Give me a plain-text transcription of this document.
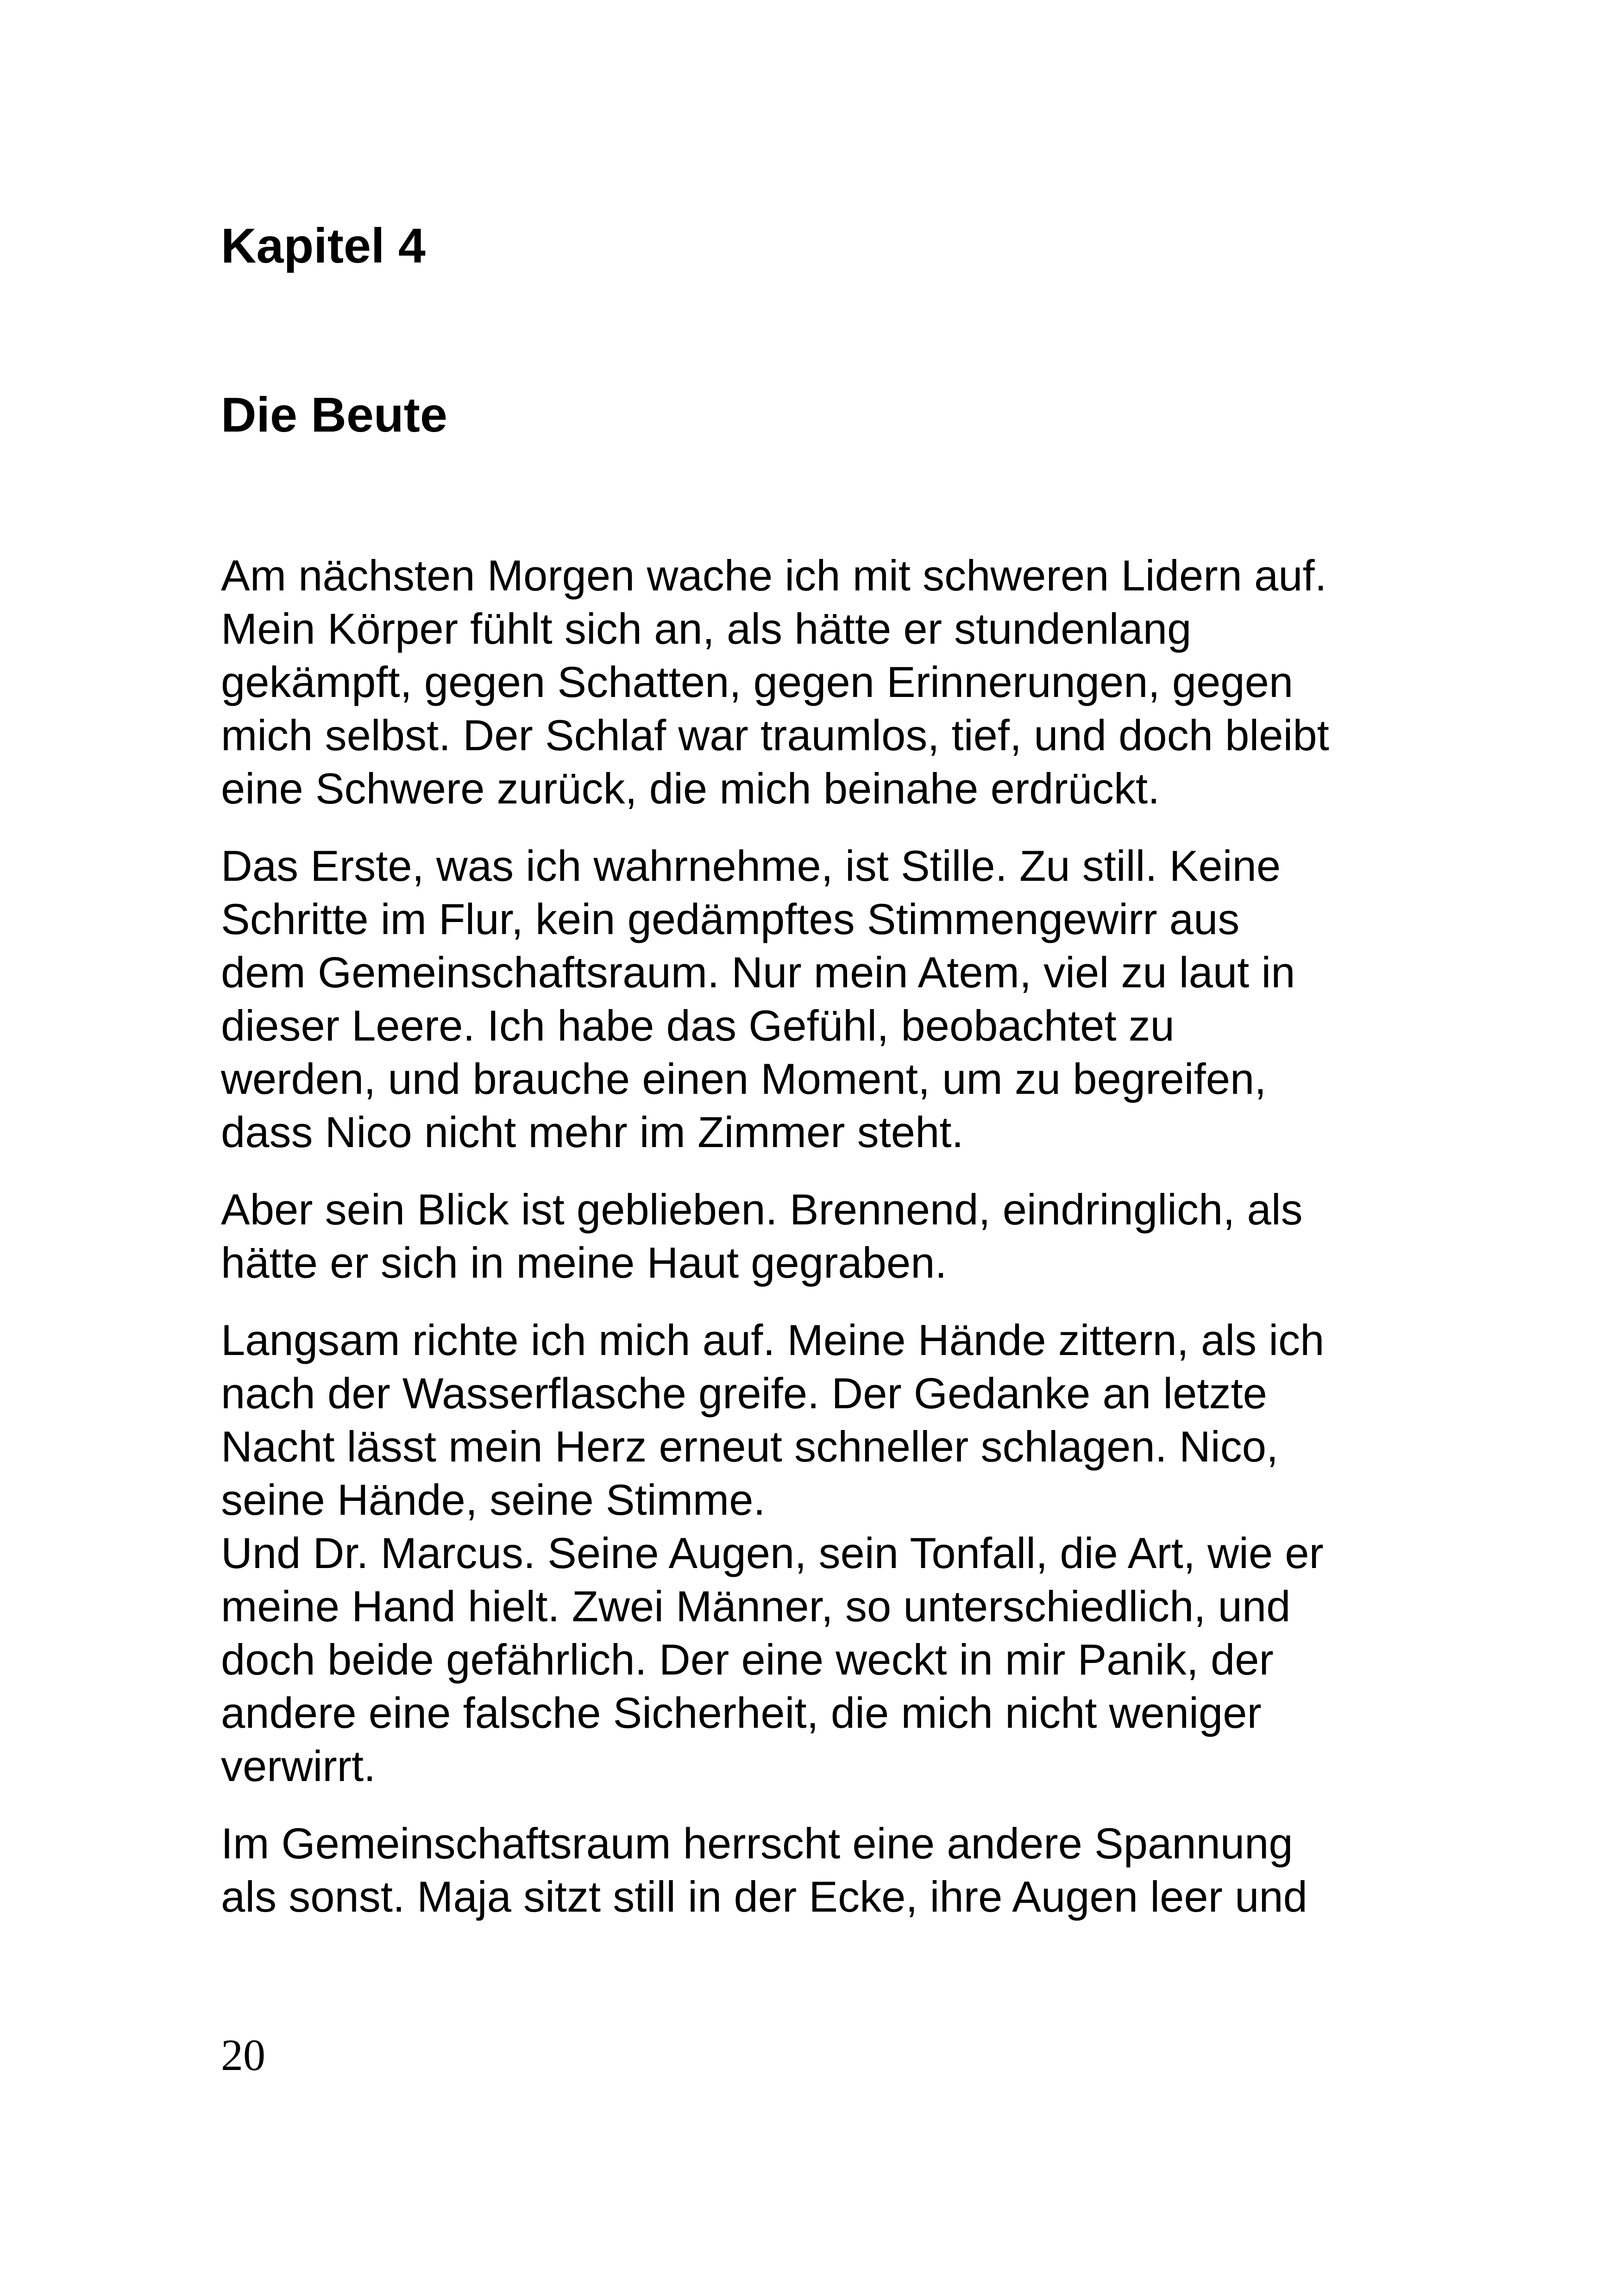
Kapitel 4
Die Beute

Am nächsten Morgen wache ich mit schweren Lidern auf.
Mein Körper fühlt sich an, als hätte er stundenlang
gekämpft, gegen Schatten, gegen Erinnerungen, gegen
mich selbst. Der Schlaf war traumlos, tief, und doch bleibt
eine Schwere zurück, die mich beinahe erdrückt.

Das Erste, was ich wahrnehme, ist Stille. Zu still. Keine
Schritte im Flur, kein gedämpftes Stimmengewirr aus
dem Gemeinschaftsraum. Nur mein Atem, viel zu laut in
dieser Leere. Ich habe das Gefühl, beobachtet zu
werden, und brauche einen Moment, um zu begreifen,
dass Nico nicht mehr im Zimmer steht.

Aber sein Blick ist geblieben. Brennend, eindringlich, als
hätte er sich in meine Haut gegraben.

Langsam richte ich mich auf. Meine Hände zittern, als ich
nach der Wasserflasche greife. Der Gedanke an letzte
Nacht lässt mein Herz erneut schneller schlagen. Nico,
seine Hände, seine Stimme.
Und Dr. Marcus. Seine Augen, sein Tonfall, die Art, wie er
meine Hand hielt. Zwei Männer, so unterschiedlich, und
doch beide gefährlich. Der eine weckt in mir Panik, der
andere eine falsche Sicherheit, die mich nicht weniger
verwirrt.

Im Gemeinschaftsraum herrscht eine andere Spannung
als sonst. Maja sitzt still in der Ecke, ihre Augen leer und

20
